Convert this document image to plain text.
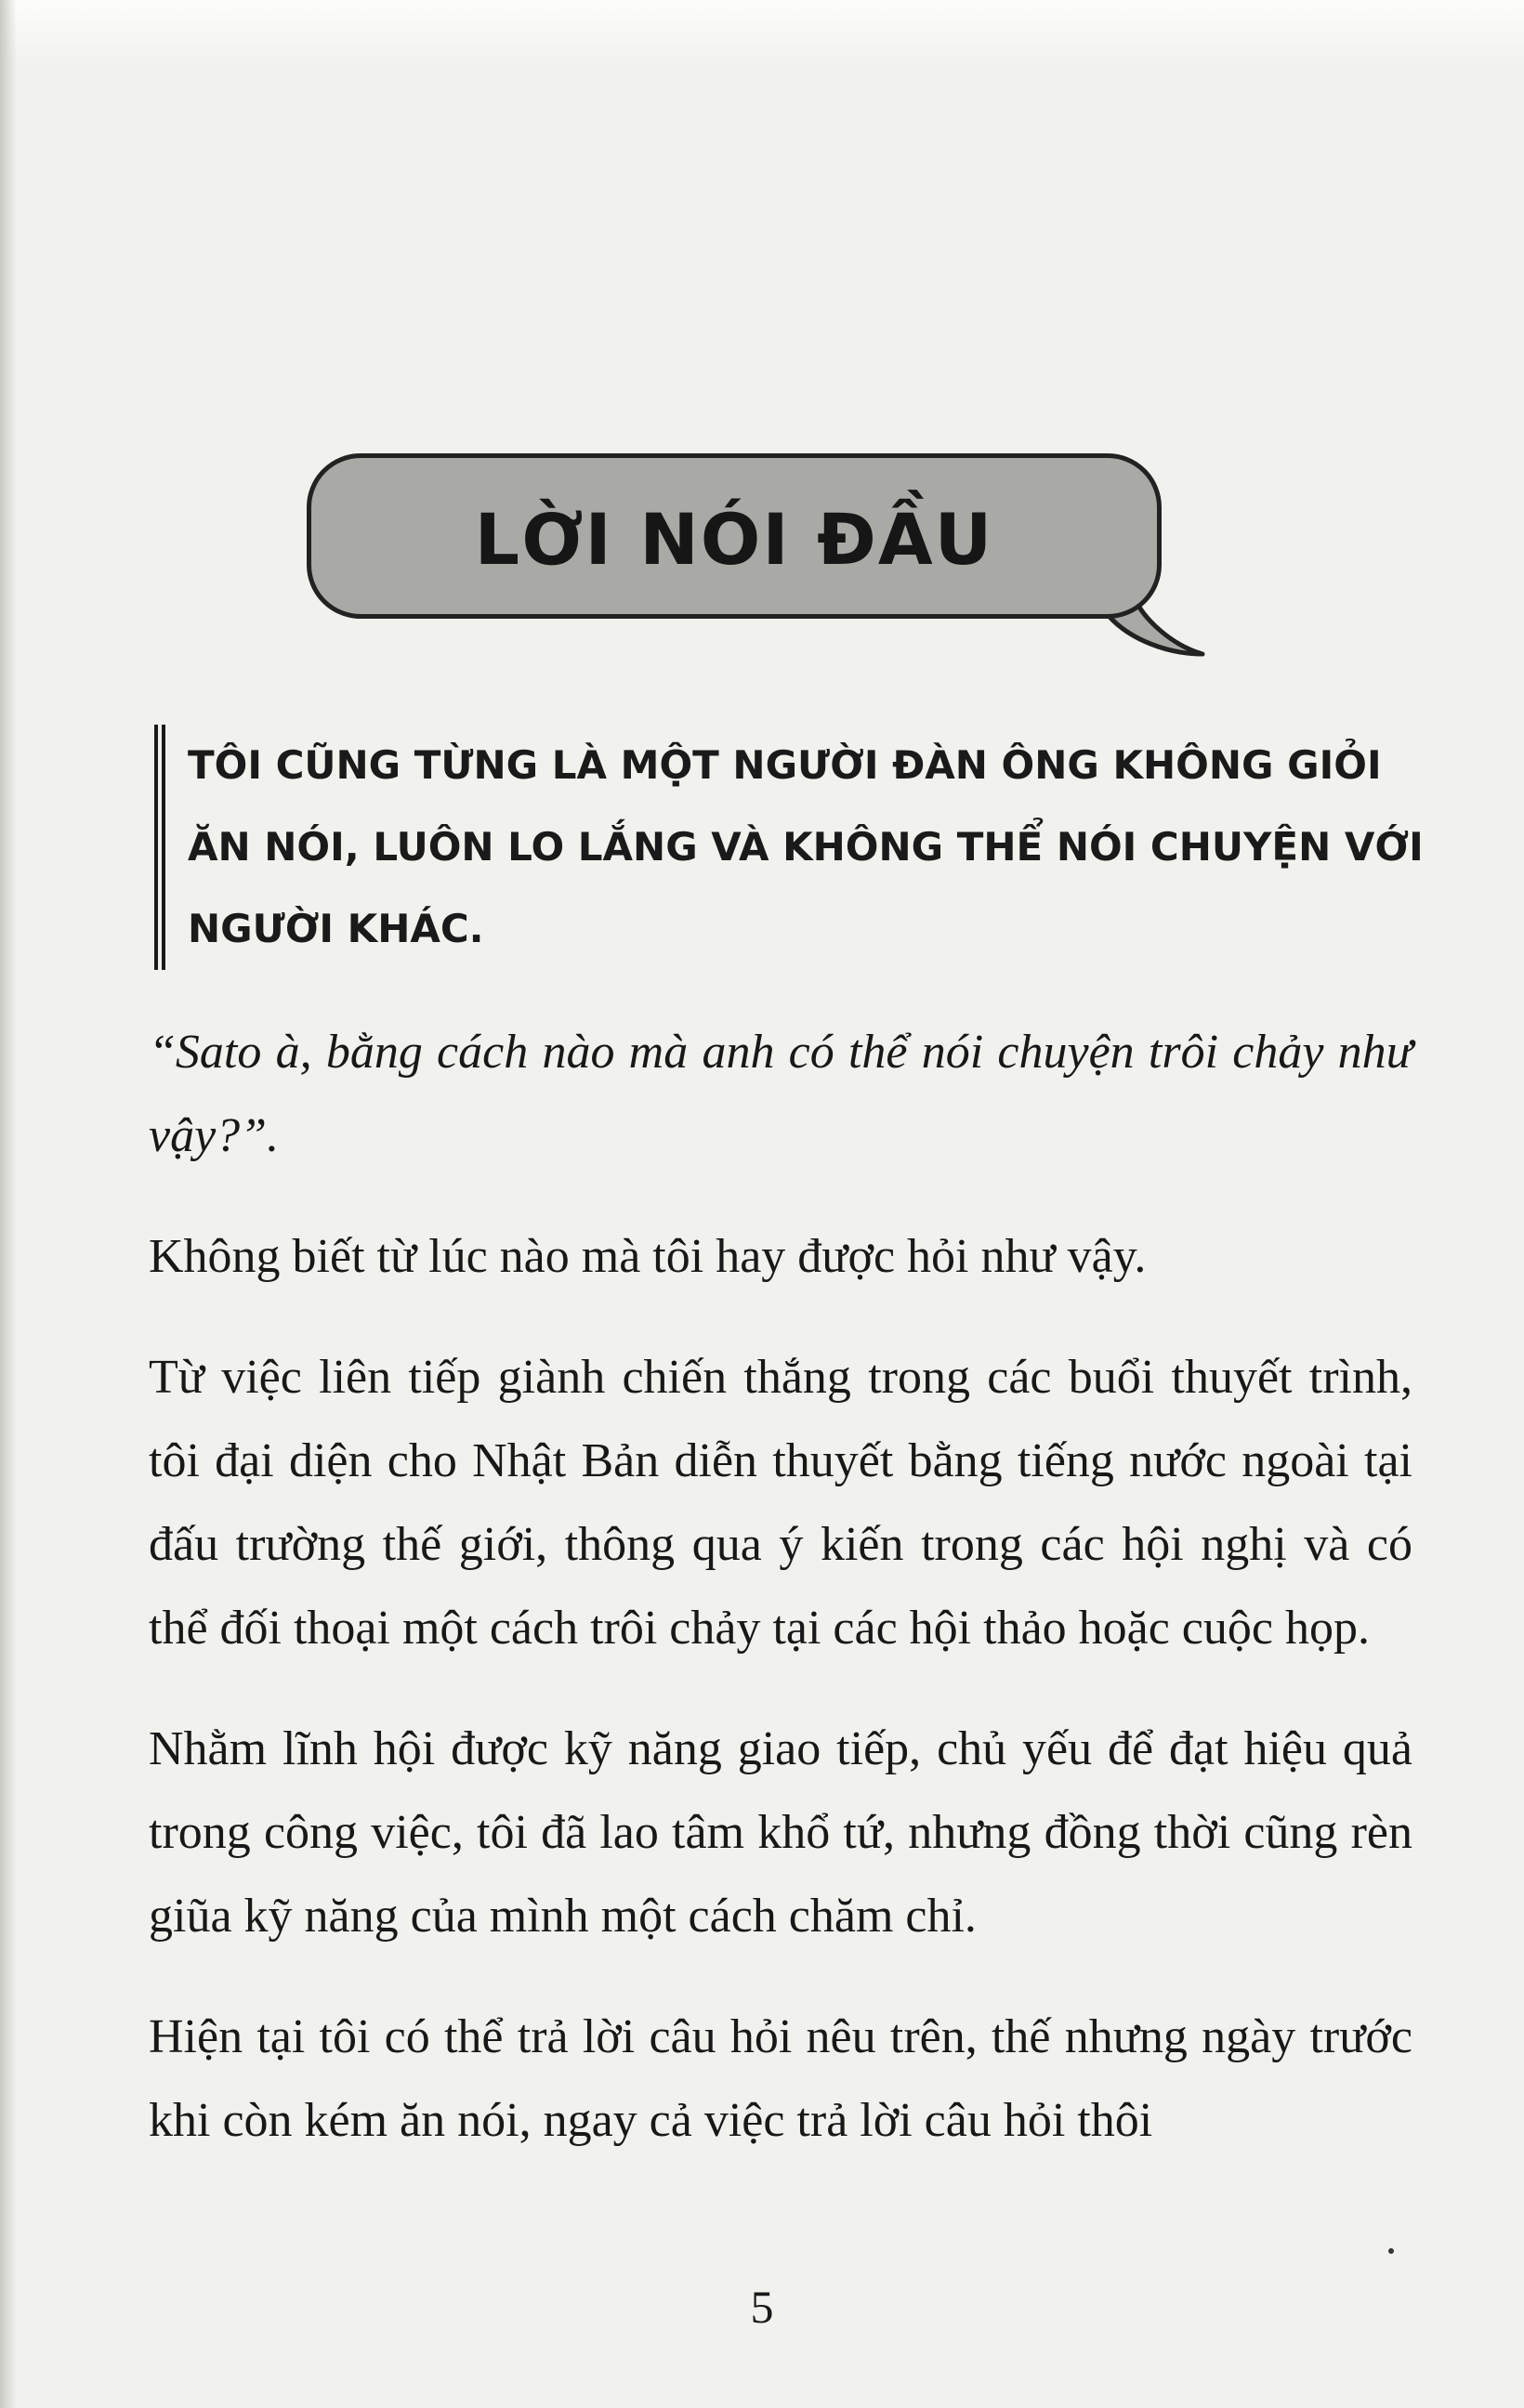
LỜI NÓI ĐẦU

TÔI CŨNG TỪNG LÀ MỘT NGƯỜI ĐÀN ÔNG KHÔNG GIỎI ĂN NÓI, LUÔN LO LẮNG VÀ KHÔNG THỂ NÓI CHUYỆN VỚI NGƯỜI KHÁC.

“Sato à, bằng cách nào mà anh có thể nói chuyện trôi chảy như vậy?”.

Không biết từ lúc nào mà tôi hay được hỏi như vậy.

Từ việc liên tiếp giành chiến thắng trong các buổi thuyết trình, tôi đại diện cho Nhật Bản diễn thuyết bằng tiếng nước ngoài tại đấu trường thế giới, thông qua ý kiến trong các hội nghị và có thể đối thoại một cách trôi chảy tại các hội thảo hoặc cuộc họp.

Nhằm lĩnh hội được kỹ năng giao tiếp, chủ yếu để đạt hiệu quả trong công việc, tôi đã lao tâm khổ tứ, nhưng đồng thời cũng rèn giũa kỹ năng của mình một cách chăm chỉ.

Hiện tại tôi có thể trả lời câu hỏi nêu trên, thế nhưng ngày trước khi còn kém ăn nói, ngay cả việc trả lời câu hỏi thôi

5
